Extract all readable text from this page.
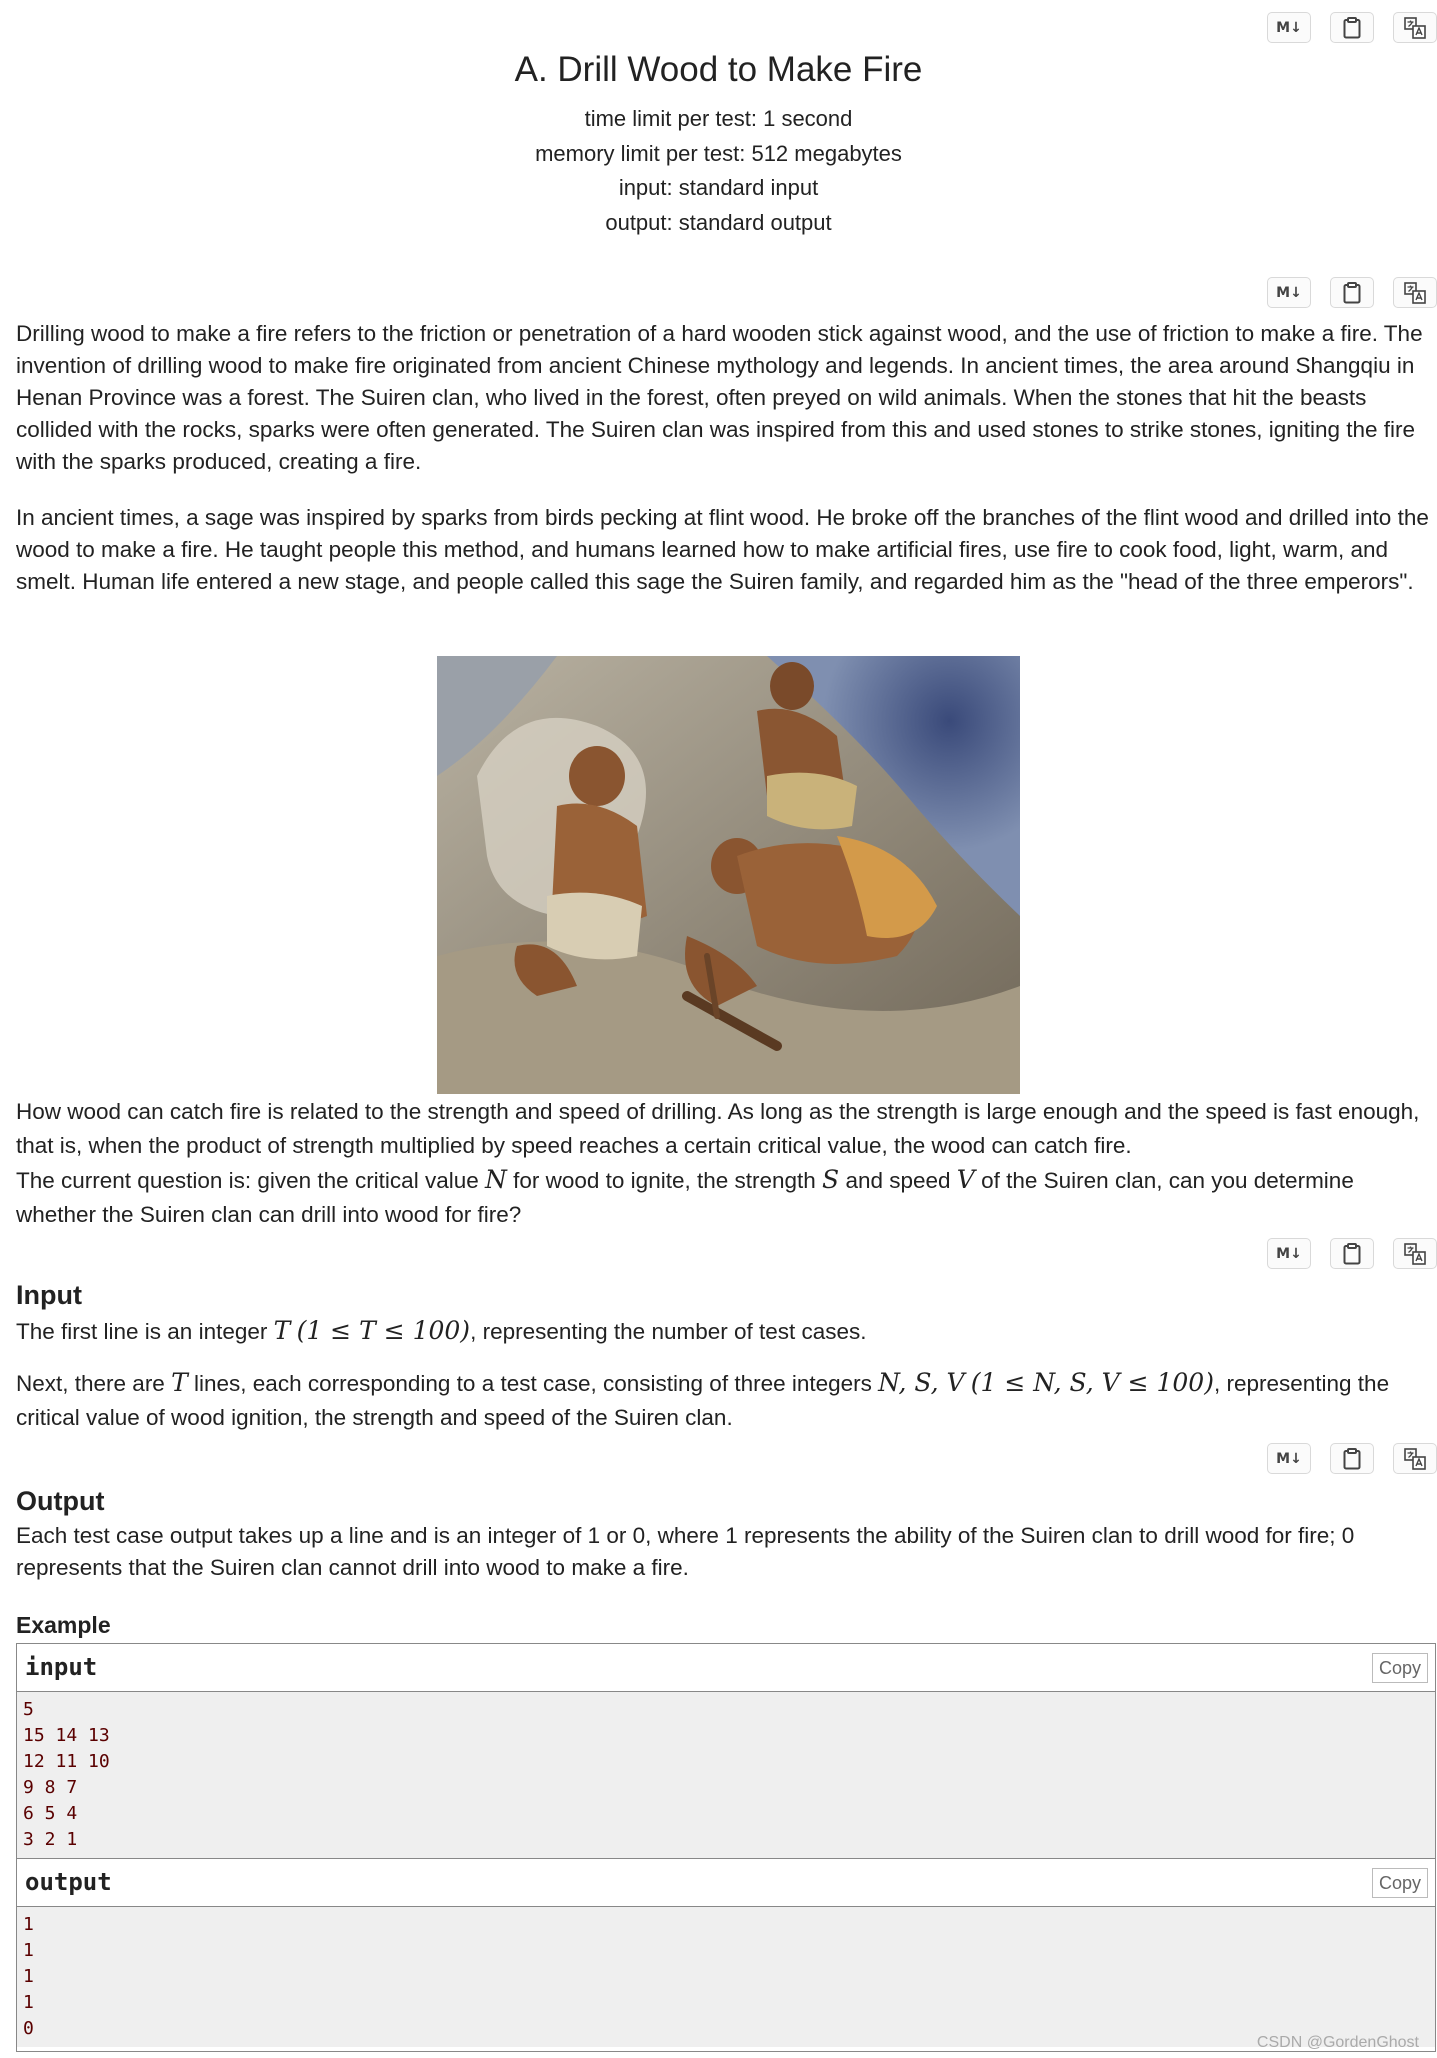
M↓
A. Drill Wood to Make Fire
time limit per test: 1 second
memory limit per test: 512 megabytes
input: standard input
output: standard output
M↓

Drilling wood to make a fire refers to the friction or penetration of a hard wooden stick against wood, and the use of friction to make a fire. The invention of drilling wood to make fire originated from ancient Chinese mythology and legends. In ancient times, the area around Shangqiu in Henan Province was a forest. The Suiren clan, who lived in the forest, often preyed on wild animals. When the stones that hit the beasts collided with the rocks, sparks were often generated. The Suiren clan was inspired from this and used stones to strike stones, igniting the fire with the sparks produced, creating a fire.

In ancient times, a sage was inspired by sparks from birds pecking at flint wood. He broke off the branches of the flint wood and drilled into the wood to make a fire. He taught people this method, and humans learned how to make artificial fires, use fire to cook food, light, warm, and smelt. Human life entered a new stage, and people called this sage the Suiren family, and regarded him as the "head of the three emperors".

How wood can catch fire is related to the strength and speed of drilling. As long as the strength is large enough and the speed is fast enough, that is, when the product of strength multiplied by speed reaches a certain critical value, the wood can catch fire.

The current question is: given the critical value N for wood to ignite, the strength S and speed V of the Suiren clan, can you determine whether the Suiren clan can drill into wood for fire?

M↓
Input

The first line is an integer T (1 ≤ T ≤ 100), representing the number of test cases.

Next, there are T lines, each corresponding to a test case, consisting of three integers N, S, V (1 ≤ N, S, V ≤ 100), representing the critical value of wood ignition, the strength and speed of the Suiren clan.

M↓
Output

Each test case output takes up a line and is an integer of 1 or 0, where 1 represents the ability of the Suiren clan to drill wood for fire; 0 represents that the Suiren clan cannot drill into wood to make a fire.

Example
input	Copy
5
15 14 13
12 11 10
9 8 7
6 5 4
3 2 1
output	Copy
1
1
1
1
0
CSDN @GordenGhost
